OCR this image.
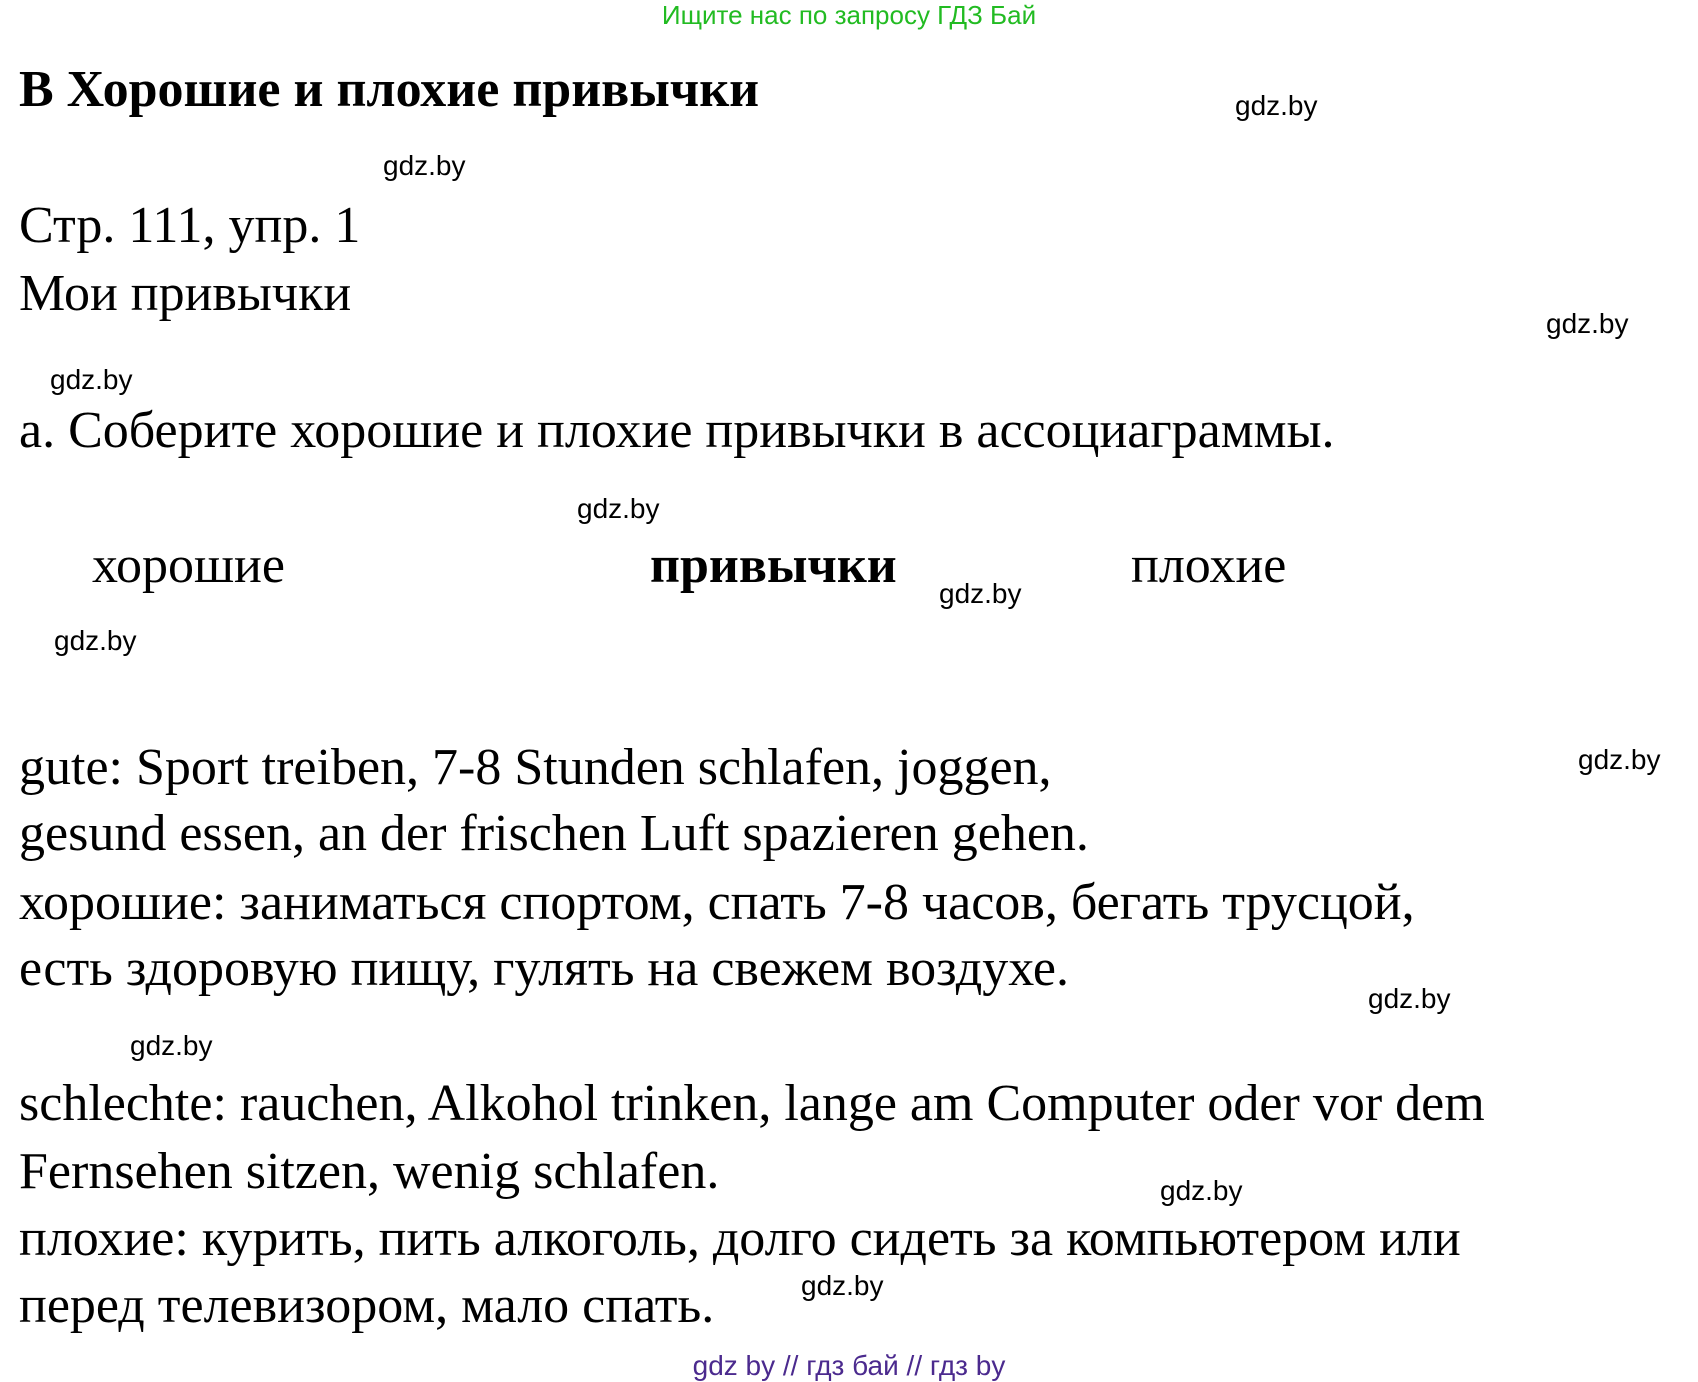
Ищите нас по запросу ГДЗ Бай
В Хорошие и плохие привычки	gdz.by
gdz.by
gdz.by
gdz.by
gdz.by
gdz.by
gdz.by
gdz.by
gdz.by
gdz.by
gdz.by
gdz.by
Стр. 111, упр. 1
Мои привычки
а. Соберите хорошие и плохие привычки в ассоциаграммы.
хорошие	привычки	плохие
gute: Sport treiben, 7-8 Stunden schlafen, joggen,
gesund essen, an der frischen Luft spazieren gehen.
хорошие: заниматься спортом, спать 7-8 часов, бегать трусцой,
есть здоровую пищу, гулять на свежем воздухе.
schlechte: rauchen, Alkohol trinken, lange am Computer oder vor dem
Fernsehen sitzen, wenig schlafen.
плохие: курить, пить алкоголь, долго сидеть за компьютером или
перед телевизором, мало спать.
gdz by // гдз бай // гдз by
